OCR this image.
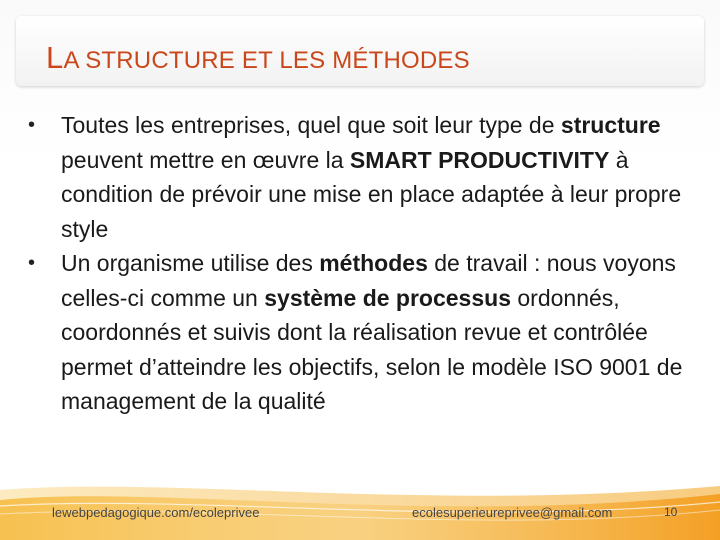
LA STRUCTURE ET LES MÉTHODES
• Toutes les entreprises, quel que soit leur type de structure peuvent mettre en œuvre la SMART PRODUCTIVITY à condition de prévoir une mise en place adaptée à leur propre style
• Un organisme utilise des méthodes de travail : nous voyons celles-ci comme un système de processus ordonnés, coordonnés et suivis dont la réalisation revue et contrôlée permet d’atteindre les objectifs, selon le modèle ISO 9001 de management de la qualité
lewebpedagogique.com/ecoleprivee	ecolesuperieureprivee@gmail.com	10
